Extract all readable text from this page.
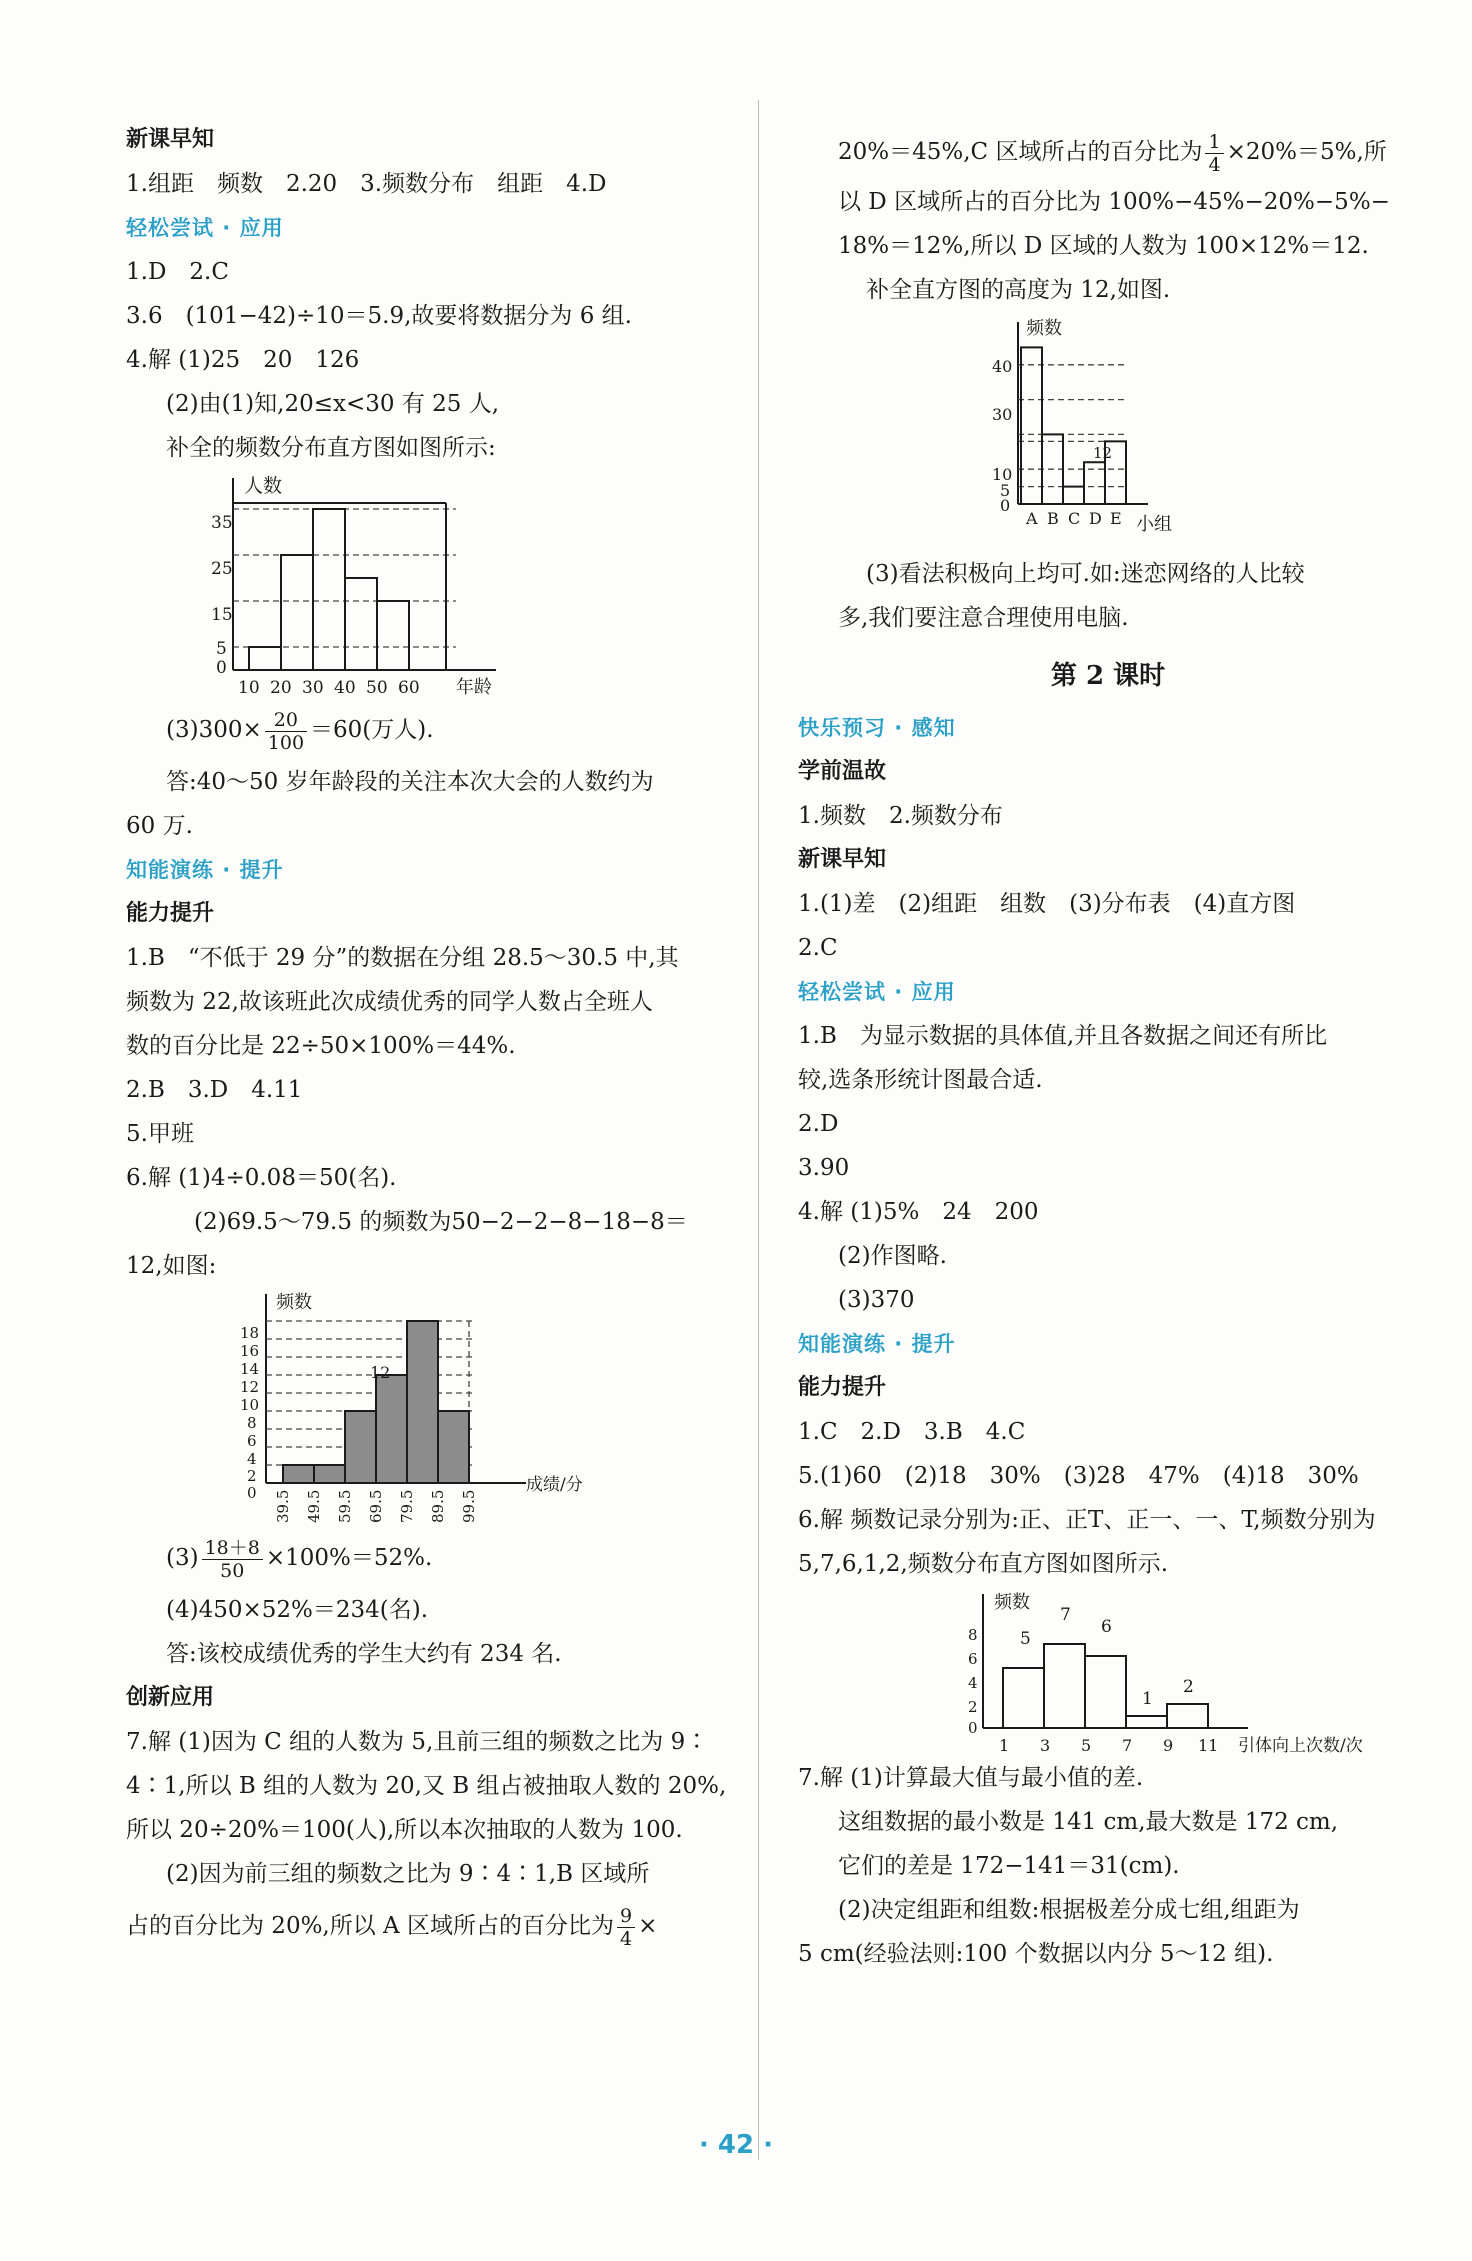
新课早知

1.组距　频数　2.20　3.频数分布　组距　4.D

轻松尝试 · 应用

1.D　2.C

3.6　(101−42)÷10＝5.9,故要将数据分为 6 组.

4.解 (1)25　20　126

(2)由(1)知,20≤x<30 有 25 人,

补全的频数分布直方图如图所示:

人数
年龄
35
25
15
5
0
10 20 30 40 50 60

$(3)300\times \frac{20}{100} =60$(万人).

答:40～50 岁年龄段的关注本次大会的人数约为

60 万.

知能演练 · 提升

能力提升

1.B　“不低于 29 分”的数据在分组 28.5～30.5 中,其

频数为 22,故该班此次成绩优秀的同学人数占全班人

数的百分比是 22÷50×100%＝44%.

2.B　3.D　4.11

5.甲班

6.解 (1)4÷0.08＝50(名).

(2)69.5～79.5 的频数为50−2−2−8−18−8＝

12,如图:

频数
成绩/分
18
16
14
12
10
8
6
4
2
0 39.5 49.5 59.5 69.5 79.5 89.5 99.5
12

$(3) \frac{18+8}{50} \times 100\%=52\%$.

(4)450×52%＝234(名).

答:该校成绩优秀的学生大约有 234 名.

创新应用

7.解 (1)因为 C 组的人数为 5,且前三组的频数之比为 9∶

4∶1,所以 B 组的人数为 20,又 B 组占被抽取人数的 20%,

所以 20÷20%＝100(人),所以本次抽取的人数为 100.

(2)因为前三组的频数之比为 9∶4∶1,B 区域所

占的百分比为 20%,所以 A 区域所占的百分比为 $\frac{9}{4}$ ×

20%＝45%,C 区域所占的百分比为 $\frac{1}{4} \times 20\%=5\%$,所

以 D 区域所占的百分比为 100%−45%−20%−5%−

18%＝12%,所以 D 区域的人数为 100×12%＝12.

补全直方图的高度为 12,如图.

频数
小组
40
30
10
5
0
A B C D E
12

(3)看法积极向上均可.如:迷恋网络的人比较

多,我们要注意合理使用电脑.

第 2 课时

快乐预习 · 感知

学前温故

1.频数　2.频数分布

新课早知

1.(1)差　(2)组距　组数　(3)分布表　(4)直方图

2.C

轻松尝试 · 应用

1.B　为显示数据的具体值,并且各数据之间还有所比

较,选条形统计图最合适.

2.D

3.90

4.解 (1)5%　24　200

(2)作图略.

(3)370

知能演练 · 提升

能力提升

1.C　2.D　3.B　4.C

5.(1)60　(2)18　30%　(3)28　47%　(4)18　30%

6.解 频数记录分别为:正、正T、正一、一、T,频数分别为

5,7,6,1,2,频数分布直方图如图所示.

频数
引体向上次数/次
8
6
4
2
0
1 3 5 7 9 11
5
7
6
1
2

7.解 (1)计算最大值与最小值的差.

这组数据的最小数是 141 cm,最大数是 172 cm,

它们的差是 172−141＝31(cm).

(2)决定组距和组数:根据极差分成七组,组距为

5 cm(经验法则:100 个数据以内分 5～12 组).

· 42 ·
